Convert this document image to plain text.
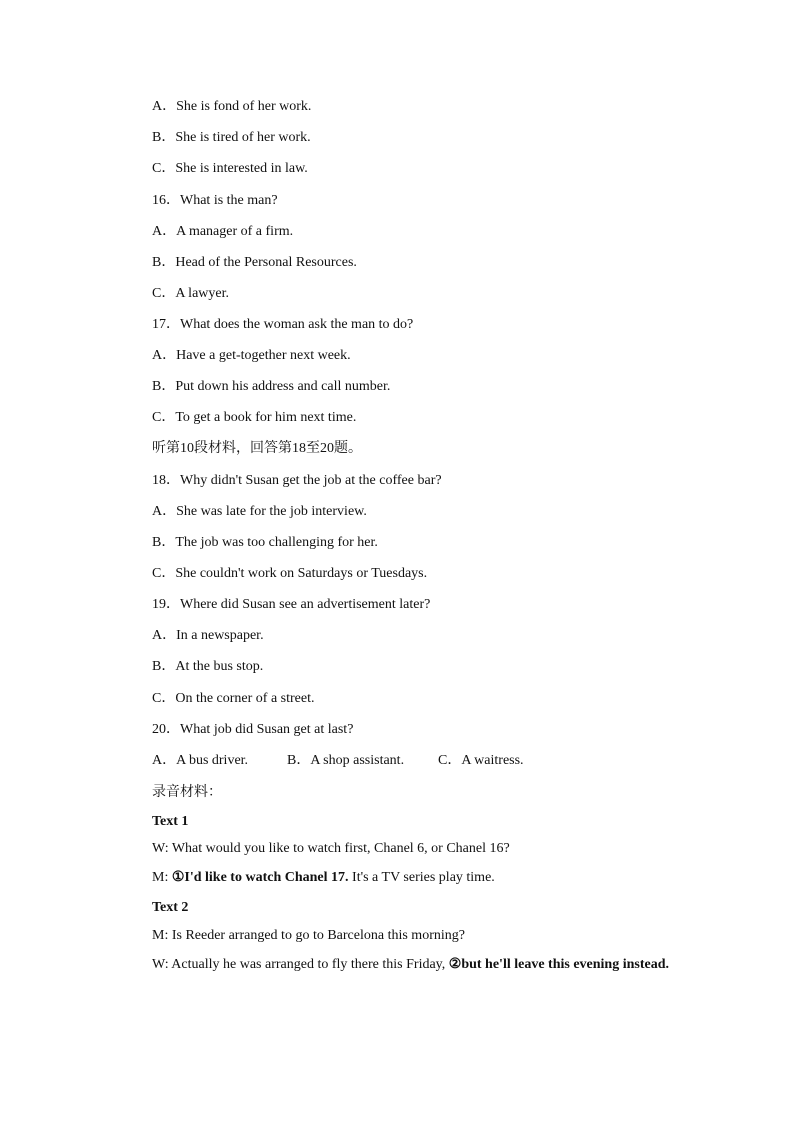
A．She is fond of her work.
B．She is tired of her work.
C．She is interested in law.
16．What is the man?
A．A manager of a firm.
B．Head of the Personal Resources.
C．A lawyer.
17．What does the woman ask the man to do?
A．Have a get-together next week.
B．Put down his address and call number.
C．To get a book for him next time.
听第10段材料，回答第18至20题。
18．Why didn't Susan get the job at the coffee bar?
A．She was late for the job interview.
B．The job was too challenging for her.
C．She couldn't work on Saturdays or Tuesdays.
19．Where did Susan see an advertisement later?
A．In a newspaper.
B．At the bus stop.
C．On the corner of a street.
20．What job did Susan get at last?
A．A bus driver.	B．A shop assistant. C．A waitress.
录音材料：
Text 1
W: What would you like to watch first, Chanel 6, or Chanel 16?
M: ①I'd like to watch Chanel 17. It's a TV series play time.
Text 2
M: Is Reeder arranged to go to Barcelona this morning?
W: Actually he was arranged to fly there this Friday, ②but he'll leave this evening instead.
